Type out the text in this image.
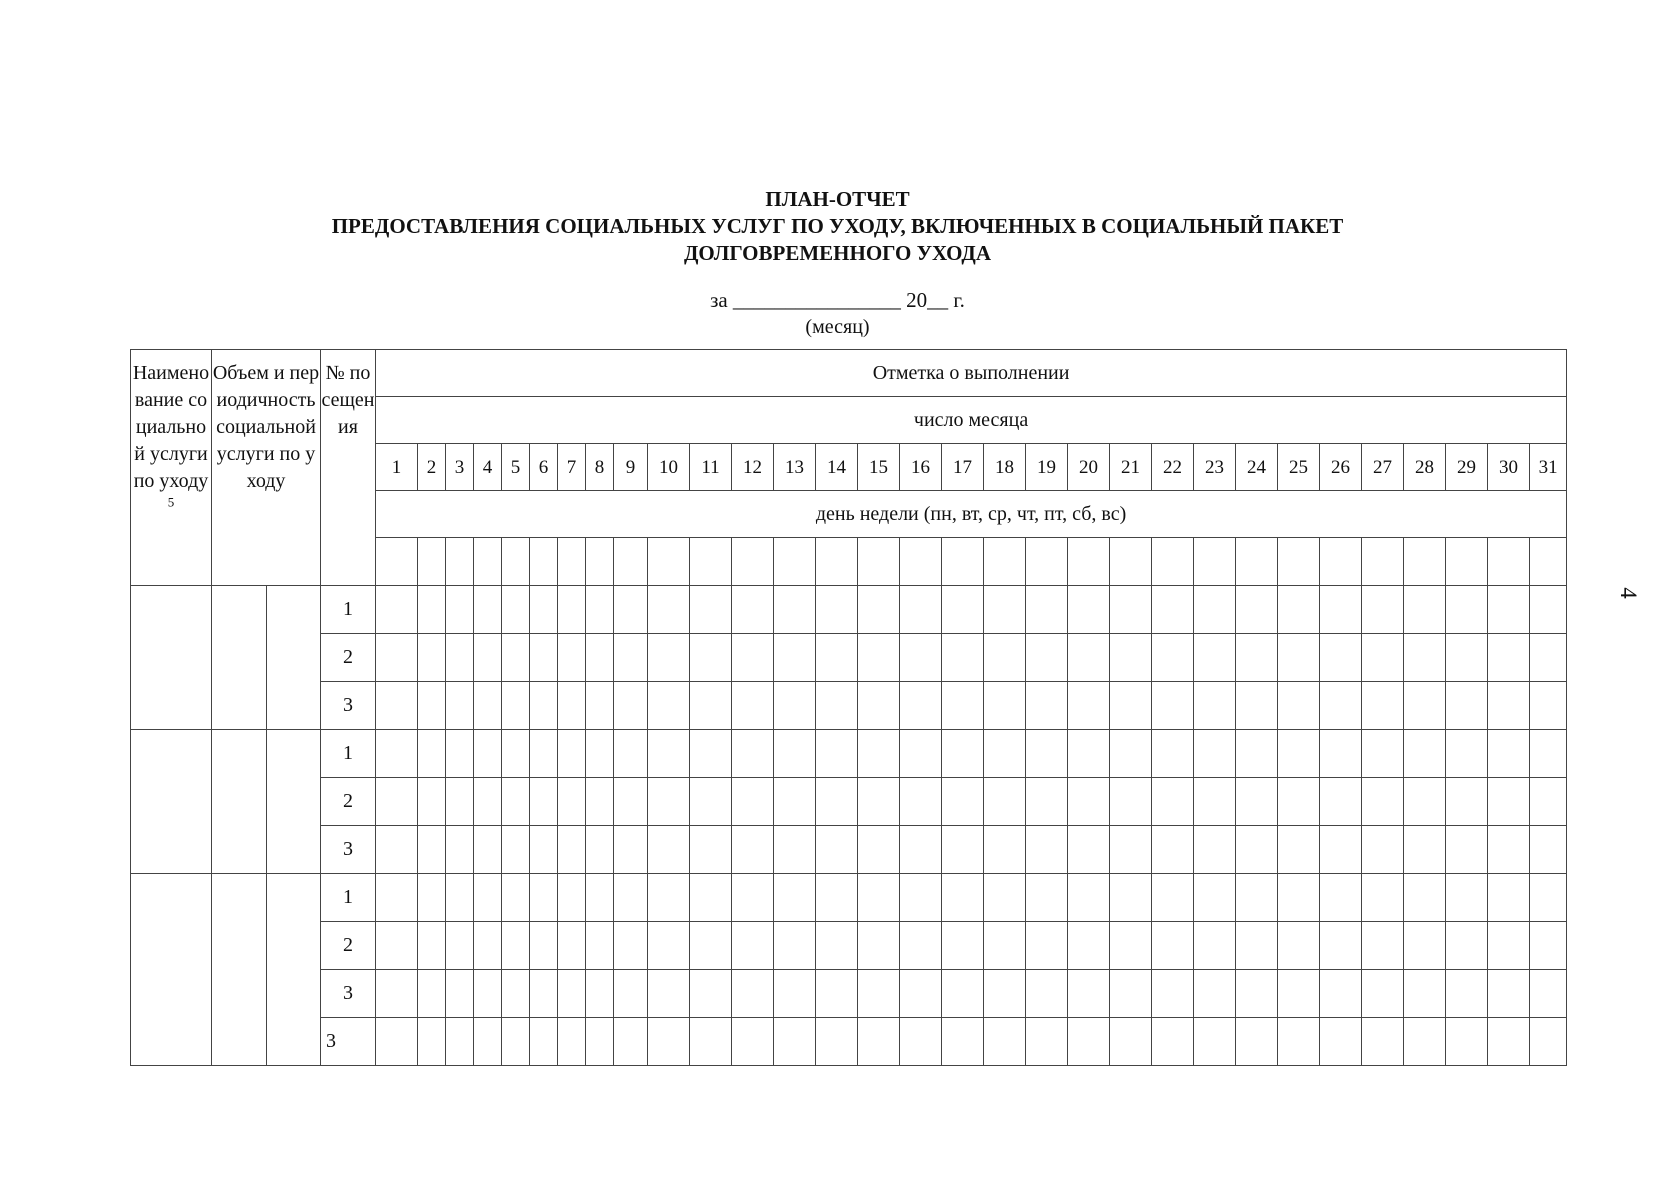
ПЛАН-ОТЧЕТ
ПРЕДОСТАВЛЕНИЯ СОЦИАЛЬНЫХ УСЛУГ ПО УХОДУ, ВКЛЮЧЕННЫХ В СОЦИАЛЬНЫЙ ПАКЕТ
ДОЛГОВРЕМЕННОГО УХОДА
за ________________ 20__ г.
(месяц)
4
Наименование социальной услуги по уходу$^5$	Объем и периодичность социальной услуги по уходу		№ посещения	Отметка о выполнении																														
				число месяца																														
				1	2	3	4	5	6	7	8	9	10	11	12	13	14	15	16	17	18	19	20	21	22	23	24	25	26	27	28	29	30	31
				день недели (пн, вт, ср, чт, пт, сб, вс)																														

			1																															
			2																															
			3																															
			1																															
			2																															
			3																															
			1																															
			2																															
			3																															
			3																															
